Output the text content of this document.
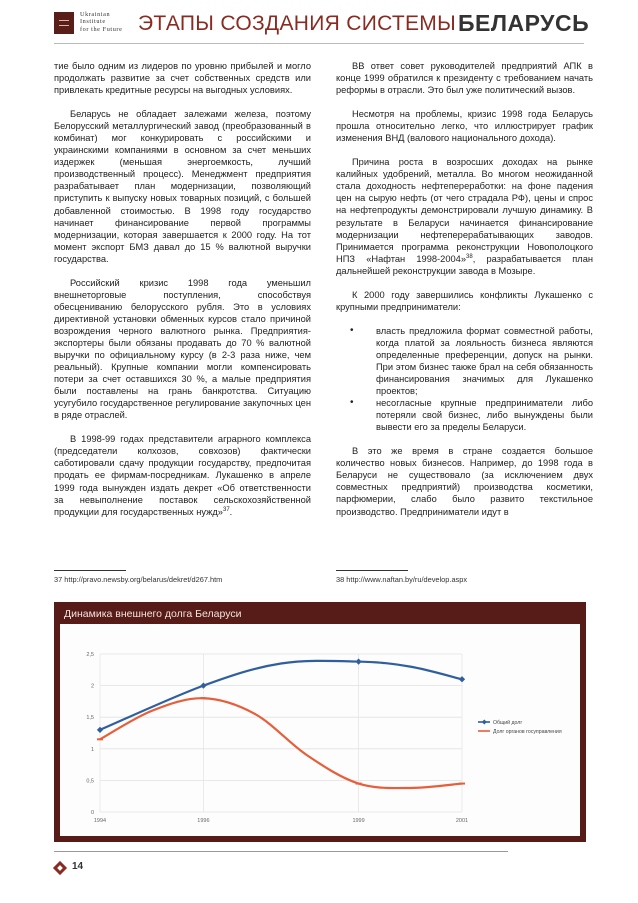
Ukrainian
Institute
for the Future ЭТАПЫ СОЗДАНИЯ СИСТЕМЫ БЕЛАРУСЬ

тие было одним из лидеров по уровню прибылей и могло продолжать развитие за счет собственных средств или привлекать кредитные ресурсы на выгодных условиях.

Беларусь не обладает залежами железа, поэтому Белорусский металлургический завод (преобразованный в комбинат) мог конкурировать с российскими и украинскими компаниями в основном за счет меньших издержек (меньшая энергоемкость, лучший производственный процесс). Менеджмент предприятия разрабатывает план модернизации, позволяющий приступить к выпуску новых товарных позиций, с большей добавленной стоимостью. В 1998 году государство начинает финансирование первой программы модернизации, которая завершается к 2000 году. На тот момент экспорт БМЗ давал до 15 % валютной выручки государства.

Российский кризис 1998 года уменьшил внешнеторговые поступления, способствуя обесцениванию белорусского рубля. Это в условиях директивной установки обменных курсов стало причиной возрождения черного валютного рынка. Предприятия-экспортеры были обязаны продавать до 70 % валютной выручки по официальному курсу (в 2-3 раза ниже, чем реальный). Крупные компании могли компенсировать потери за счет оставшихся 30 %, а малые предприятия были поставлены на грань банкротства. Ситуацию усугубило государственное регулирование закупочных цен в ряде отраслей.

В 1998-99 годах представители аграрного комплекса (председатели колхозов, совхозов) фактически саботировали сдачу продукции государству, предпочитая продать ее фирмам-посредникам. Лукашенко в апреле 1999 года вынужден издать декрет «Об ответственности за невыполнение поставок сельскохозяйственной продукции для государственных нужд»$^{37}$.

ВВ ответ совет руководителей предприятий АПК в конце 1999 обратился к президенту с требованием начать реформы в отрасли. Это был уже политический вызов.

Несмотря на проблемы, кризис 1998 года Беларусь прошла относительно легко, что иллюстрирует график изменения ВНД (валового национального дохода).

Причина роста в возросших доходах на рынке калийных удобрений, металла. Во многом неожиданной стала доходность нефтепереработки: на фоне падения цен на сырую нефть (от чего страдала РФ), цены и спрос на нефтепродукты демонстрировали лучшую динамику. В результате в Беларуси начинается финансирование модернизации нефтеперерабатывающих заводов. Принимается программа реконструкции Новополоцкого НПЗ «Нафтан 1998-2004»$^{38}$, разрабатывается план дальнейшей реконструкции завода в Мозыре.

К 2000 году завершились конфликты Лукашенко с крупными предприниматели:

• власть предложила формат совместной работы, когда платой за лояльность бизнеса являются определенные преференции, допуск на рынки. При этом бизнес также брал на себя обязанность финансирования значимых для Лукашенко проектов;
• несогласные крупные предприниматели либо потеряли свой бизнес, либо вынуждены были вывести его за пределы Беларуси.

В это же время в стране создается большое количество новых бизнесов. Например, до 1998 года в Беларуси не существовало (за исключением двух совместных предприятий) производства косметики, парфюмерии, слабо было развито текстильное производство. Предприниматели идут в

37 http://pravo.newsby.org/belarus/dekret/d267.htm	38 http://www.naftan.by/ru/develop.aspx
Динамика внешнего долга Беларуси
0
0,5
1
1,5
2
2,5
1994	1996	1999	2001
Общий долг
Долг органов госуправления
14
